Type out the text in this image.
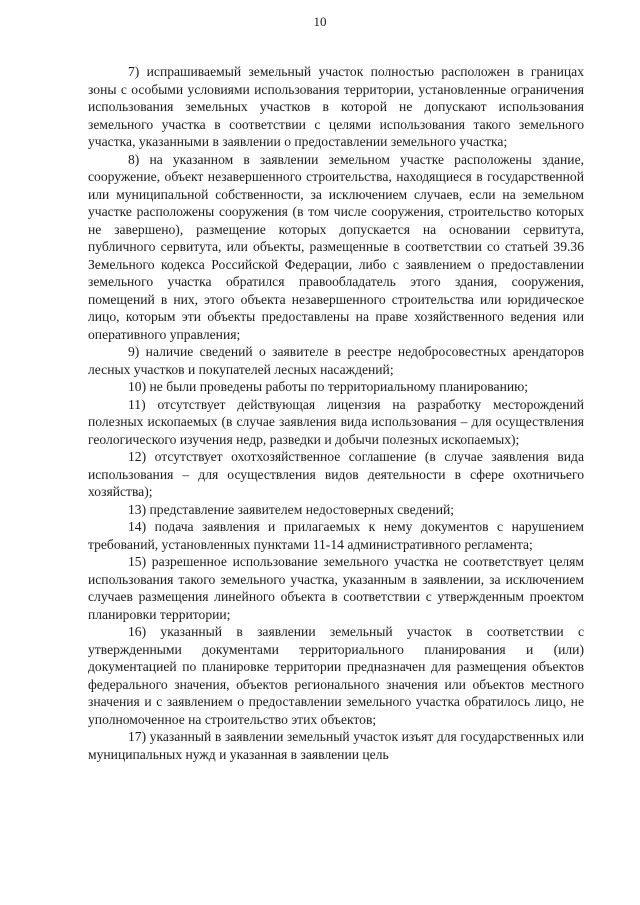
10

7) испрашиваемый земельный участок полностью расположен в границах зоны с особыми условиями использования территории, установленные ограничения использования земельных участков в которой не допускают использования земельного участка в соответствии с целями использования такого земельного участка, указанными в заявлении о предоставлении земельного участка;

8) на указанном в заявлении земельном участке расположены здание, сооружение, объект незавершенного строительства, находящиеся в государственной или муниципальной собственности, за исключением случаев, если на земельном участке расположены сооружения (в том числе сооружения, строительство которых не завершено), размещение которых допускается на основании сервитута, публичного сервитута, или объекты, размещенные в соответствии со статьей 39.36 Земельного кодекса Российской Федерации, либо с заявлением о предоставлении земельного участка обратился правообладатель этого здания, сооружения, помещений в них, этого объекта незавершенного строительства или юридическое лицо, которым эти объекты предоставлены на праве хозяйственного ведения или оперативного управления;

9) наличие сведений о заявителе в реестре недобросовестных арендаторов лесных участков и покупателей лесных насаждений;

10) не были проведены работы по территориальному планированию;

11) отсутствует действующая лицензия на разработку месторождений полезных ископаемых (в случае заявления вида использования – для осуществления геологического изучения недр, разведки и добычи полезных ископаемых);

12) отсутствует охотхозяйственное соглашение (в случае заявления вида использования – для осуществления видов деятельности в сфере охотничьего хозяйства);

13) представление заявителем недостоверных сведений;

14) подача заявления и прилагаемых к нему документов с нарушением требований, установленных пунктами 11-14 административного регламента;

15) разрешенное использование земельного участка не соответствует целям использования такого земельного участка, указанным в заявлении, за исключением случаев размещения линейного объекта в соответствии с утвержденным проектом планировки территории;

16) указанный в заявлении земельный участок в соответствии с утвержденными документами территориального планирования и (или) документацией по планировке территории предназначен для размещения объектов федерального значения, объектов регионального значения или объектов местного значения и с заявлением о предоставлении земельного участка обратилось лицо, не уполномоченное на строительство этих объектов;

17) указанный в заявлении земельный участок изъят для государственных или муниципальных нужд и указанная в заявлении цель
